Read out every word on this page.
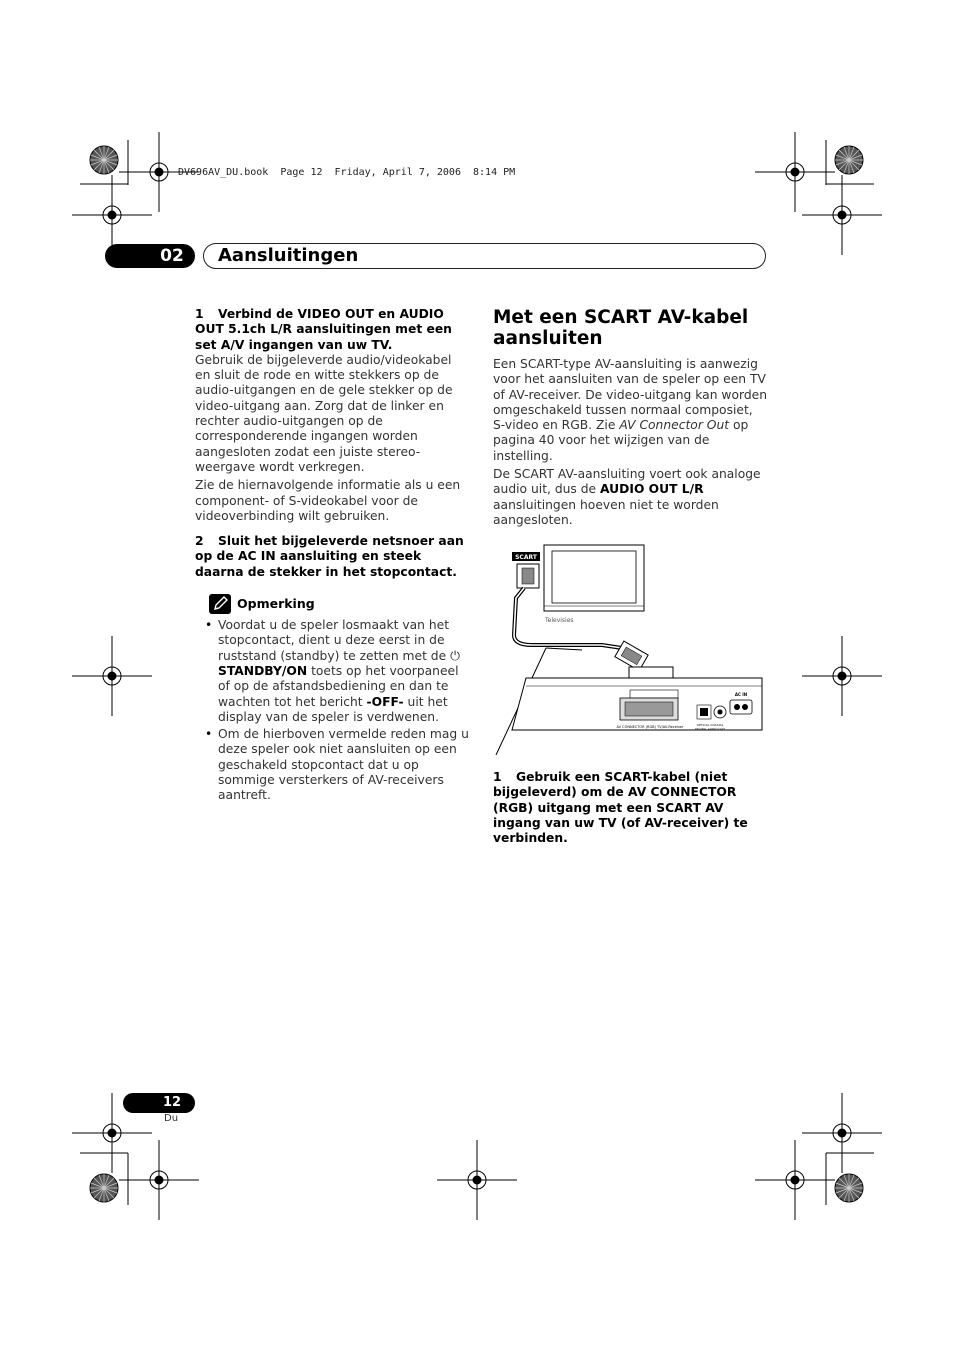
DV696AV_DU.book  Page 12  Friday, April 7, 2006  8:14 PM
02	Aansluitingen

1 Verbind de VIDEO OUT en AUDIO OUT 5.1ch L/R aansluitingen met een set A/V ingangen van uw TV.

Gebruik de bijgeleverde audio/videokabel en sluit de rode en witte stekkers op de audio-uitgangen en de gele stekker op de video-uitgang aan. Zorg dat de linker en rechter audio-uitgangen op de corresponderende ingangen worden aangesloten zodat een juiste stereo-weergave wordt verkregen.

Zie de hiernavolgende informatie als u een component- of S-videokabel voor de videoverbinding wilt gebruiken.

2 Sluit het bijgeleverde netsnoer aan op de AC IN aansluiting en steek daarna de stekker in het stopcontact.

Opmerking
• Voordat u de speler losmaakt van het stopcontact, dient u deze eerst in de ruststand (standby) te zetten met de ⏻
STANDBY/ON toets op het voorpaneel of op de afstandsbediening en dan te wachten tot het bericht -OFF- uit het display van de speler is verdwenen.
• Om de hierboven vermelde reden mag u deze speler ook niet aansluiten op een geschakeld stopcontact dat u op sommige versterkers of AV-receivers aantreft.
Met een SCART AV-kabel aansluiten

Een SCART-type AV-aansluiting is aanwezig voor het aansluiten van de speler op een TV of AV-receiver. De video-uitgang kan worden omgeschakeld tussen normaal composiet, S-video en RGB. Zie AV Connector Out op pagina 40 voor het wijzigen van de instelling.

De SCART AV-aansluiting voert ook analoge audio uit, dus de AUDIO OUT L/R aansluitingen hoeven niet te worden aangesloten.

SCART
Televisies
AV CONNECTOR (RGB) TV/AV-Receiver	OPTICAL COAXIAL
DIGITAL AUDIO OUT
AC IN

1 Gebruik een SCART-kabel (niet bijgeleverd) om de AV CONNECTOR (RGB) uitgang met een SCART AV ingang van uw TV (of AV-receiver) te verbinden.

12
Du
